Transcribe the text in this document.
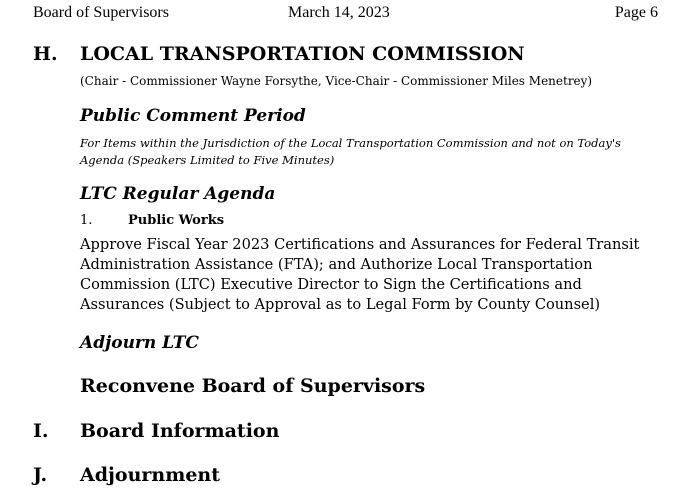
Board of Supervisors	March 14, 2023	Page 6
H. LOCAL TRANSPORTATION COMMISSION
(Chair - Commissioner Wayne Forsythe, Vice-Chair - Commissioner Miles Menetrey)
Public Comment Period
For Items within the Jurisdiction of the Local Transportation Commission and not on Today's Agenda (Speakers Limited to Five Minutes)
LTC Regular Agenda
1.	Public Works
Approve Fiscal Year 2023 Certifications and Assurances for Federal Transit Administration Assistance (FTA); and Authorize Local Transportation Commission (LTC) Executive Director to Sign the Certifications and Assurances (Subject to Approval as to Legal Form by County Counsel)
Adjourn LTC
Reconvene Board of Supervisors
I. Board Information
J. Adjournment
